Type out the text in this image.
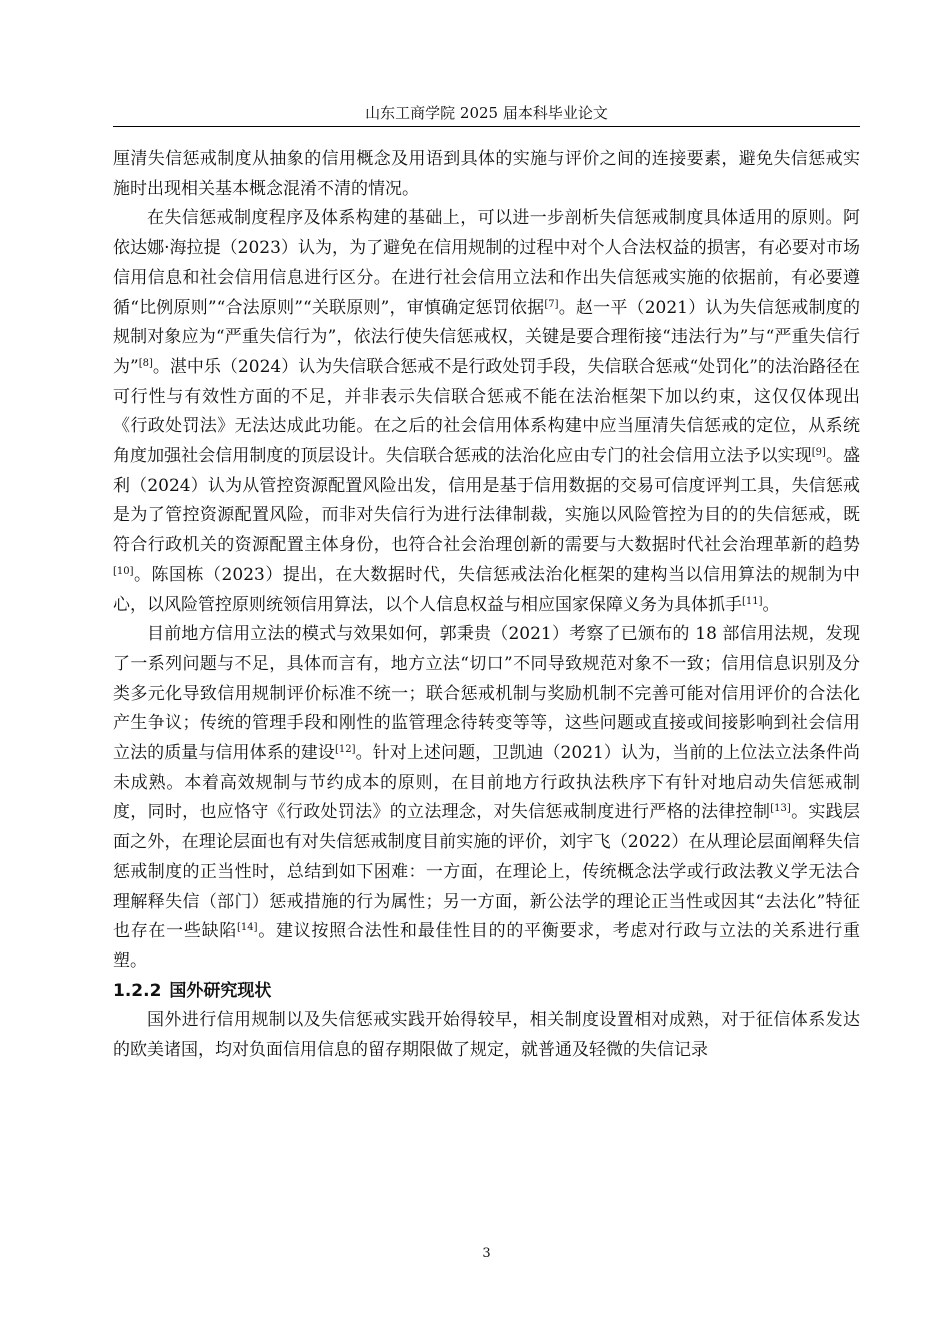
山东工商学院 2025 届本科毕业论文

厘清失信惩戒制度从抽象的信用概念及用语到具体的实施与评价之间的连接要素，避免失信惩戒实施时出现相关基本概念混淆不清的情况。

在失信惩戒制度程序及体系构建的基础上，可以进一步剖析失信惩戒制度具体适用的原则。阿依达娜·海拉提（2023）认为，为了避免在信用规制的过程中对个人合法权益的损害，有必要对市场信用信息和社会信用信息进行区分。在进行社会信用立法和作出失信惩戒实施的依据前，有必要遵循“比例原则”“合法原则”“关联原则”，审慎确定惩罚依据[7]。赵一平（2021）认为失信惩戒制度的规制对象应为“严重失信行为”，依法行使失信惩戒权，关键是要合理衔接“违法行为”与“严重失信行为”[8]。湛中乐（2024）认为失信联合惩戒不是行政处罚手段，失信联合惩戒“处罚化”的法治路径在可行性与有效性方面的不足，并非表示失信联合惩戒不能在法治框架下加以约束，这仅仅体现出《行政处罚法》无法达成此功能。在之后的社会信用体系构建中应当厘清失信惩戒的定位，从系统角度加强社会信用制度的顶层设计。失信联合惩戒的法治化应由专门的社会信用立法予以实现[9]。盛利（2024）认为从管控资源配置风险出发，信用是基于信用数据的交易可信度评判工具，失信惩戒是为了管控资源配置风险，而非对失信行为进行法律制裁，实施以风险管控为目的的失信惩戒，既符合行政机关的资源配置主体身份，也符合社会治理创新的需要与大数据时代社会治理革新的趋势[10]。陈国栋（2023）提出，在大数据时代，失信惩戒法治化框架的建构当以信用算法的规制为中心，以风险管控原则统领信用算法，以个人信息权益与相应国家保障义务为具体抓手[11]。

目前地方信用立法的模式与效果如何，郭秉贵（2021）考察了已颁布的 18 部信用法规，发现了一系列问题与不足，具体而言有，地方立法“切口”不同导致规范对象不一致；信用信息识别及分类多元化导致信用规制评价标准不统一；联合惩戒机制与奖励机制不完善可能对信用评价的合法化产生争议；传统的管理手段和刚性的监管理念待转变等等，这些问题或直接或间接影响到社会信用立法的质量与信用体系的建设[12]。针对上述问题，卫凯迪（2021）认为，当前的上位法立法条件尚未成熟。本着高效规制与节约成本的原则，在目前地方行政执法秩序下有针对地启动失信惩戒制度，同时，也应恪守《行政处罚法》的立法理念，对失信惩戒制度进行严格的法律控制[13]。实践层面之外，在理论层面也有对失信惩戒制度目前实施的评价，刘宇飞（2022）在从理论层面阐释失信惩戒制度的正当性时，总结到如下困难：一方面，在理论上，传统概念法学或行政法教义学无法合理解释失信（部门）惩戒措施的行为属性；另一方面，新公法学的理论正当性或因其“去法化”特征也存在一些缺陷[14]。建议按照合法性和最佳性目的的平衡要求，考虑对行政与立法的关系进行重塑。

1.2.2 国外研究现状

国外进行信用规制以及失信惩戒实践开始得较早，相关制度设置相对成熟，对于征信体系发达的欧美诸国，均对负面信用信息的留存期限做了规定，就普通及轻微的失信记录

3
